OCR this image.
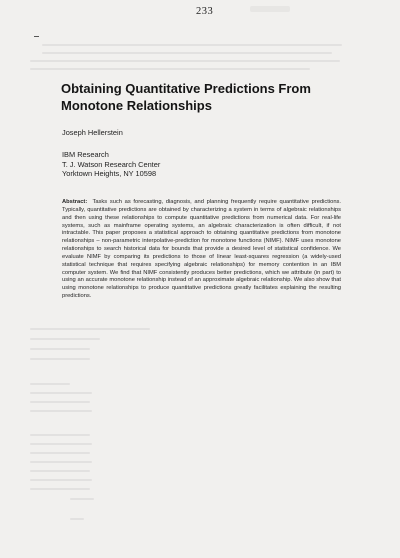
233
Obtaining Quantitative Predictions From Monotone Relationships
Joseph Hellerstein
IBM Research
T. J. Watson Research Center
Yorktown Heights, NY 10598

Abstract: Tasks such as forecasting, diagnosis, and planning frequently require quantitative predictions. Typically, quantitative predictions are obtained by characterizing a system in terms of algebraic relationships and then using these relationships to compute quantitative predictions from numerical data. For real-life systems, such as mainframe operating systems, an algebraic characterization is often difficult, if not intractable. This paper proposes a statistical approach to obtaining quantitative predictions from monotone relationships – non-parametric interpolative-prediction for monotone functions (NIMF). NIMF uses monotone relationships to search historical data for bounds that provide a desired level of statistical confidence. We evaluate NIMF by comparing its predictions to those of linear least-squares regression (a widely-used statistical technique that requires specifying algebraic relationships) for memory contention in an IBM computer system. We find that NIMF consistently produces better predictions, which we attribute (in part) to using an accurate monotone relationship instead of an approximate algebraic relationship. We also show that using monotone relationships to produce quantitative predictions greatly facilitates explaining the resulting predictions.
